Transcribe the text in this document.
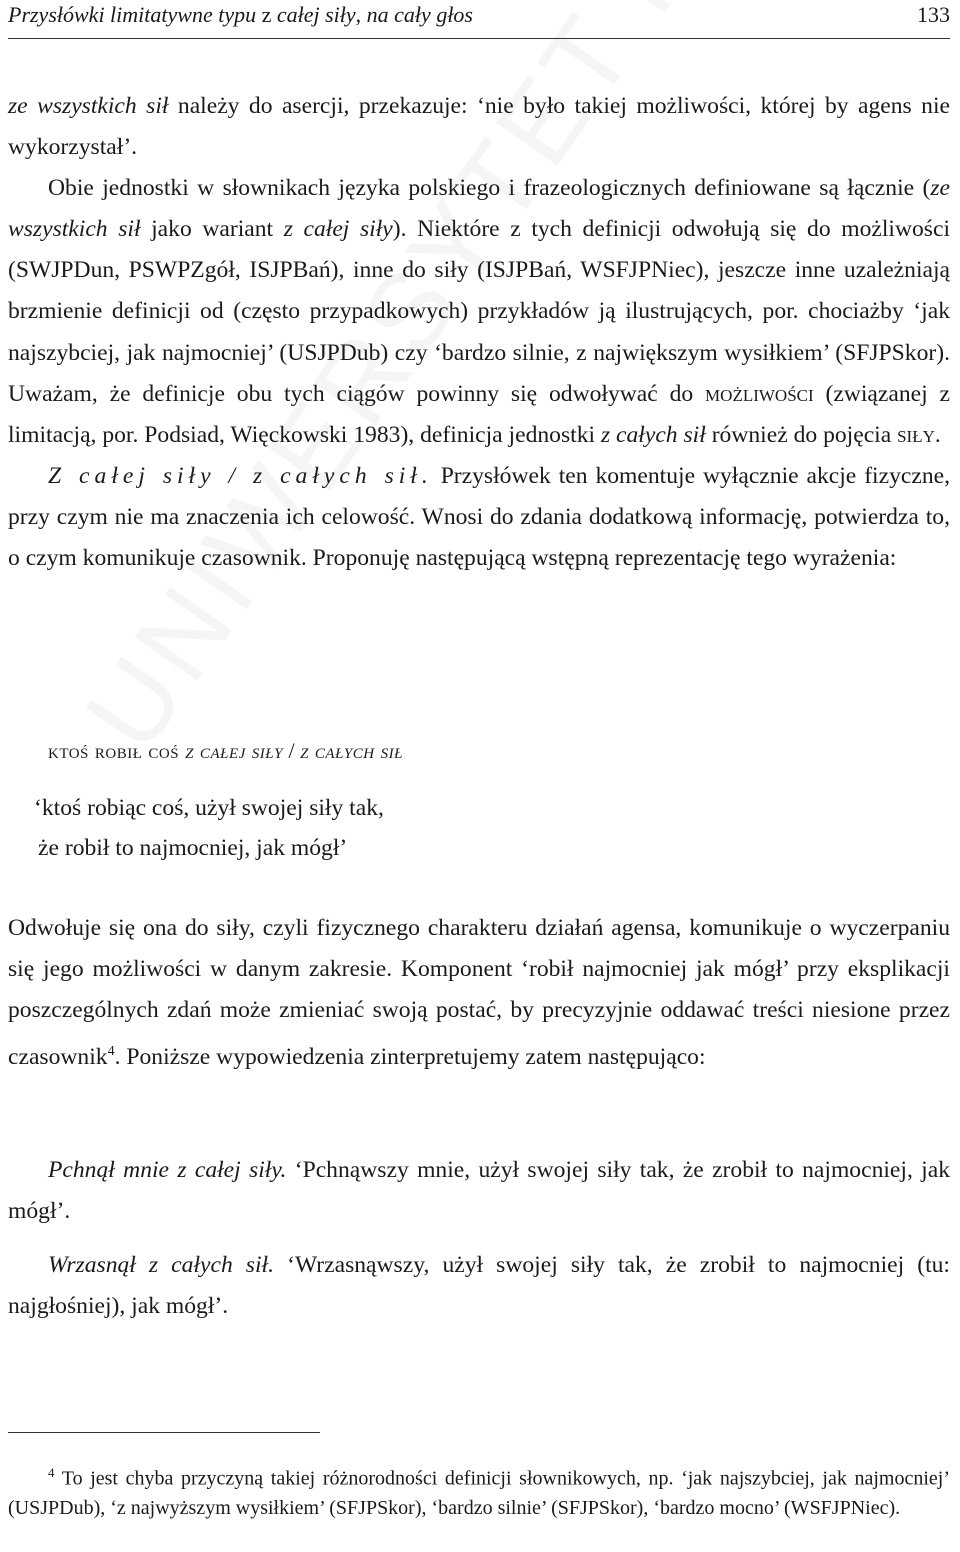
Przysłówki limitatywne typu z całej siły, na cały głos	133

ze wszystkich sił należy do asercji, przekazuje: ‘nie było takiej możliwości, której by agens nie wykorzystał’.

Obie jednostki w słownikach języka polskiego i frazeologicznych definiowane są łącznie (ze wszystkich sił jako wariant z całej siły). Niektóre z tych definicji odwołują się do możliwości (SWJPDun, PSWPZgół, ISJPBań), inne do siły (ISJPBań, WSFJPNiec), jeszcze inne uzależniają brzmienie definicji od (często przypadkowych) przykładów ją ilustrujących, por. chociażby ‘jak najszybciej, jak najmocniej’ (USJPDub) czy ‘bardzo silnie, z największym wysiłkiem’ (SFJPSkor). Uważam, że definicje obu tych ciągów powinny się odwoływać do możliwości (związanej z limitacją, por. Podsiad, Więckowski 1983), definicja jednostki z całych sił również do pojęcia siły.

Z całej siły / z całych sił. Przysłówek ten komentuje wyłącznie akcje fizyczne, przy czym nie ma znaczenia ich celowość. Wnosi do zdania dodatkową informację, potwierdza to, o czym komunikuje czasownik. Proponuję następującą wstępną reprezentację tego wyrażenia:

ktoś robił coś z całej siły / z całych sił
‘ktoś robiąc coś, użył swojej siły tak,
że robił to najmocniej, jak mógł’
Odwołuje się ona do siły, czyli fizycznego charakteru działań agensa, komunikuje o wyczerpaniu się jego możliwości w danym zakresie. Komponent ‘robił najmocniej jak mógł’ przy eksplikacji poszczególnych zdań może zmieniać swoją postać, by precyzyjnie oddawać treści niesione przez czasownik$^4$. Poniższe wypowiedzenia zinterpretujemy zatem następująco:
Pchnął mnie z całej siły. ‘Pchnąwszy mnie, użył swojej siły tak, że zrobił to najmocniej, jak mógł’.
Wrzasnął z całych sił. ‘Wrzasnąwszy, użył swojej siły tak, że zrobił to najmocniej (tu: najgłośniej), jak mógł’.
$^4$ To jest chyba przyczyną takiej różnorodności definicji słownikowych, np. ‘jak najszybciej, jak najmocniej’ (USJPDub), ‘z najwyższym wysiłkiem’ (SFJPSkor), ‘bardzo silnie’ (SFJPSkor), ‘bardzo mocno’ (WSFJPNiec).
